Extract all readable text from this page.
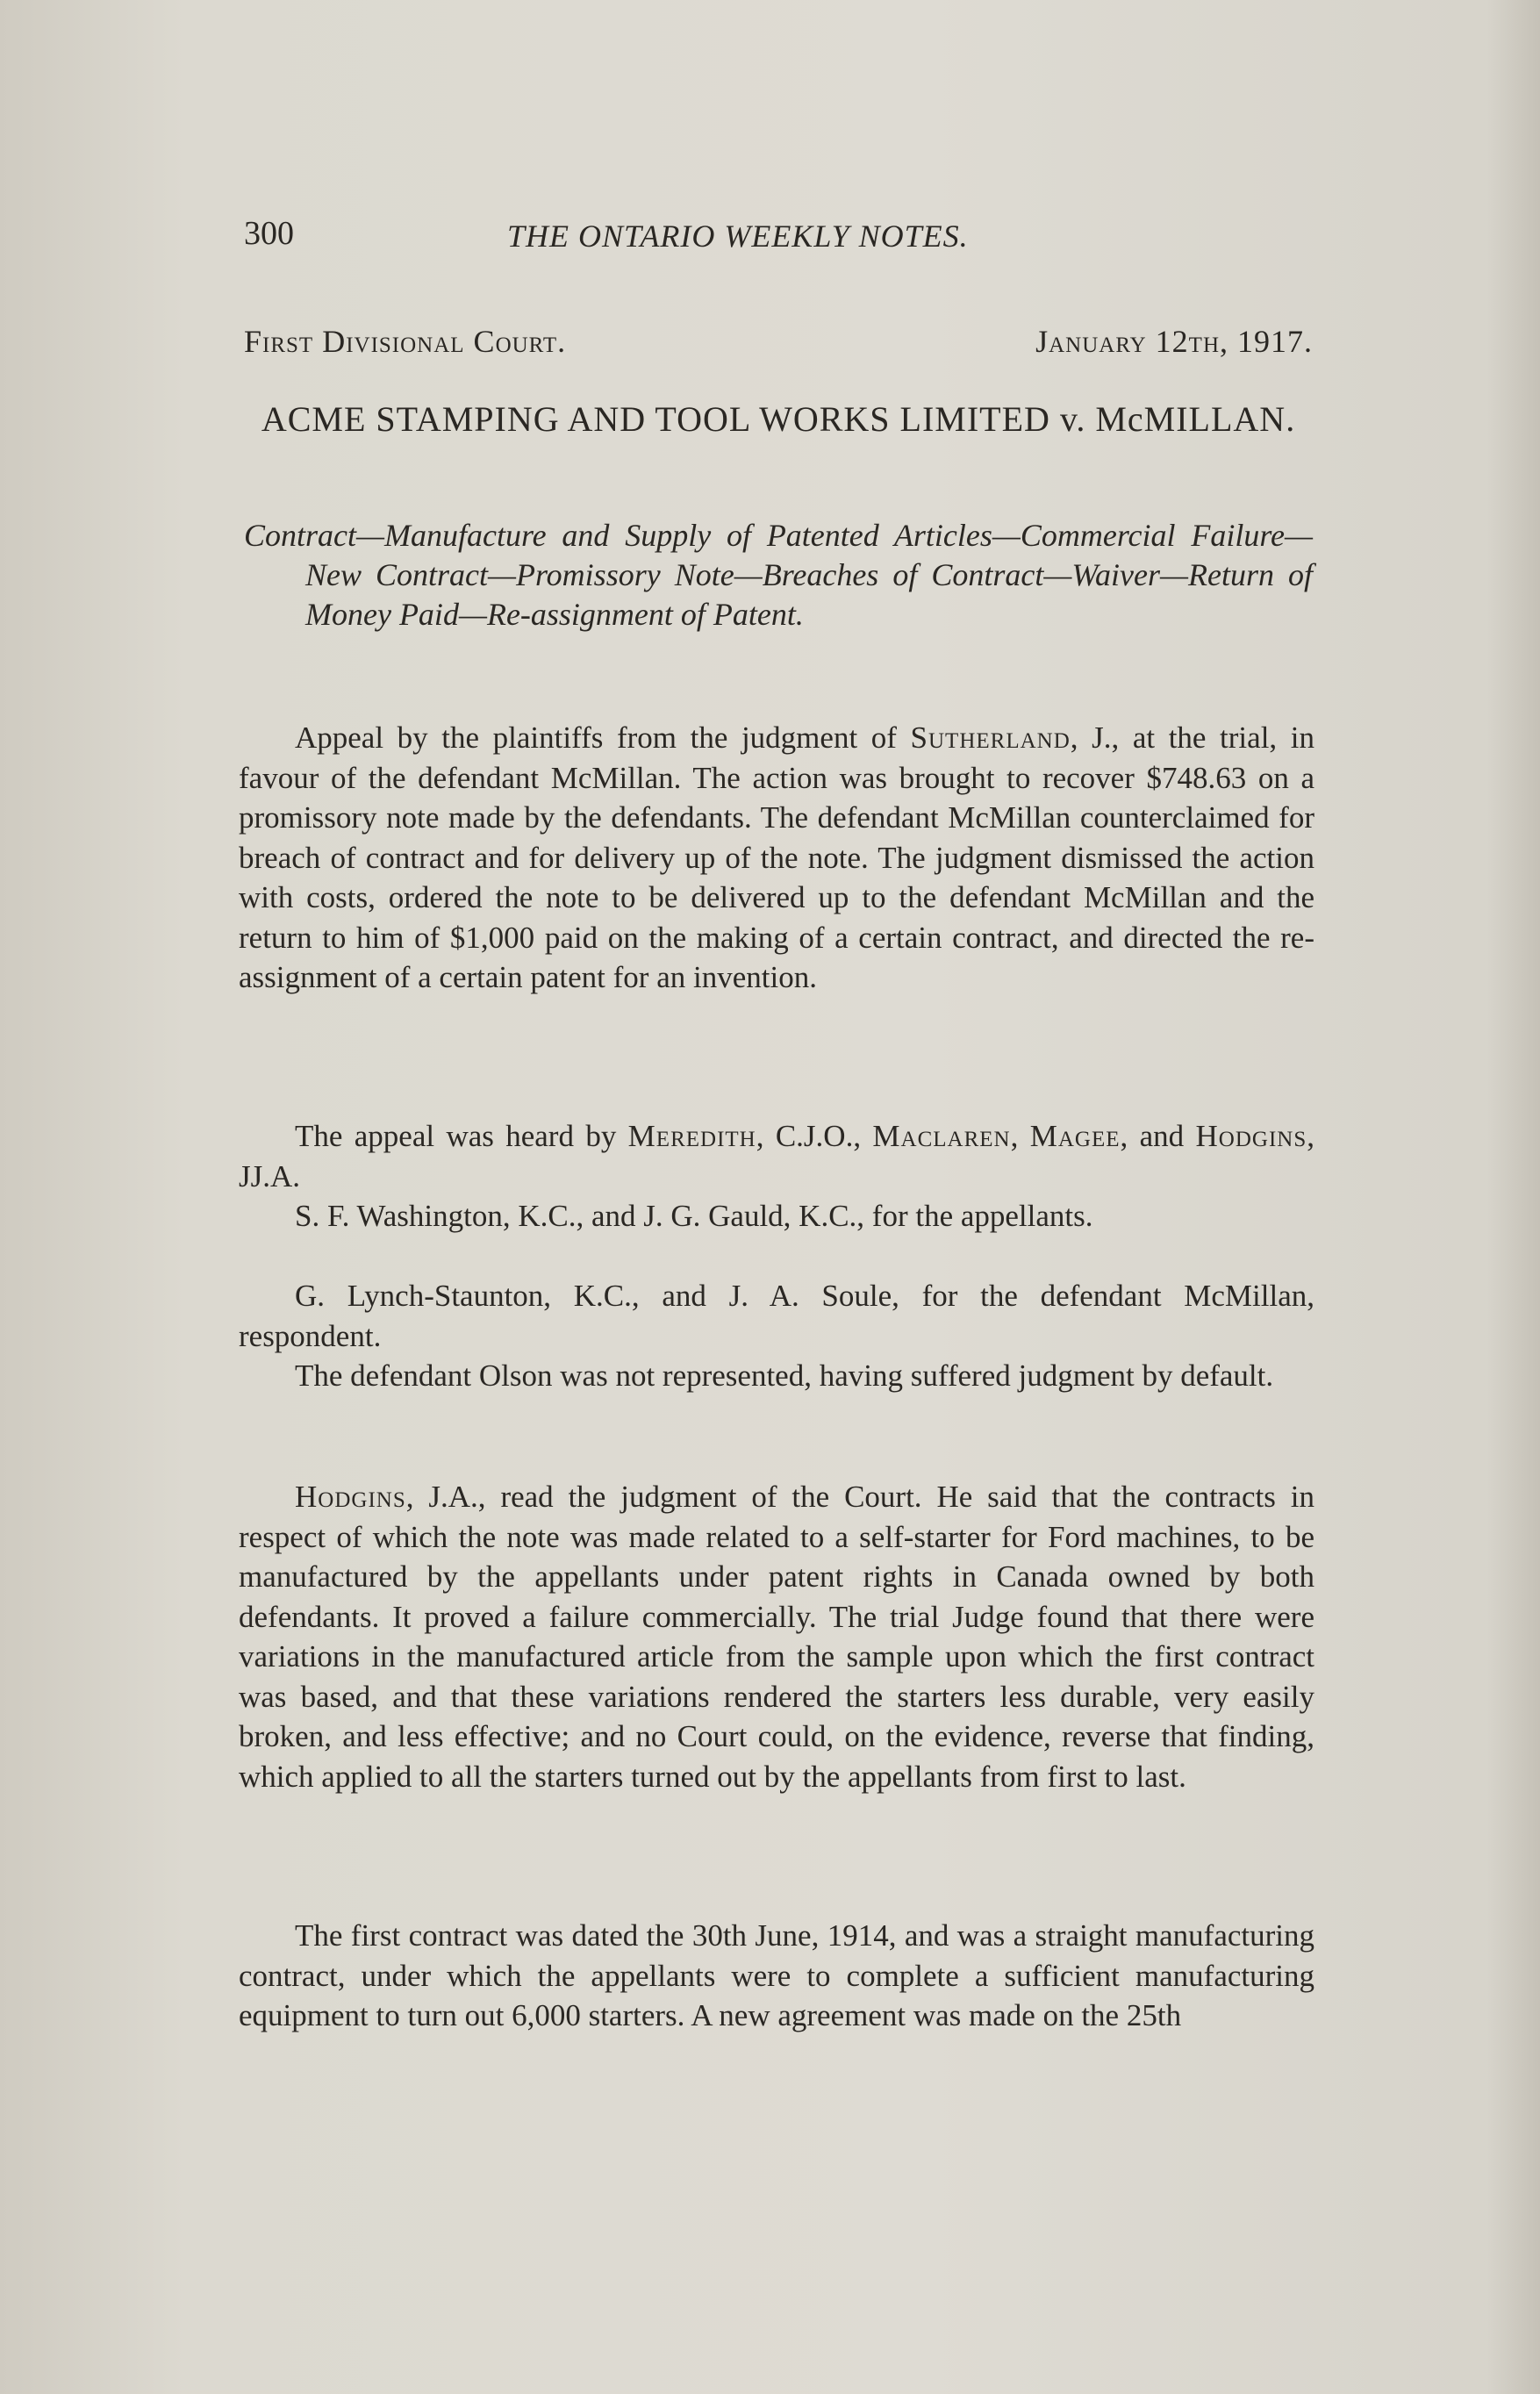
300	THE ONTARIO WEEKLY NOTES.
First Divisional Court.	January 12th, 1917.
ACME STAMPING AND TOOL WORKS LIMITED v. McMILLAN.
Contract—Manufacture and Supply of Patented Articles—Commercial Failure—New Contract—Promissory Note—Breaches of Contract—Waiver—Return of Money Paid—Re-assignment of Patent.

Appeal by the plaintiffs from the judgment of Sutherland, J., at the trial, in favour of the defendant McMillan. The action was brought to recover $748.63 on a promissory note made by the defendants. The defendant McMillan counterclaimed for breach of contract and for delivery up of the note. The judgment dismissed the action with costs, ordered the note to be delivered up to the defendant McMillan and the return to him of $1,000 paid on the making of a certain contract, and directed the re-assignment of a certain patent for an invention.

The appeal was heard by Meredith, C.J.O., Maclaren, Magee, and Hodgins, JJ.A.

S. F. Washington, K.C., and J. G. Gauld, K.C., for the appellants.

G. Lynch-Staunton, K.C., and J. A. Soule, for the defendant McMillan, respondent.

The defendant Olson was not represented, having suffered judgment by default.

Hodgins, J.A., read the judgment of the Court. He said that the contracts in respect of which the note was made related to a self-starter for Ford machines, to be manufactured by the appellants under patent rights in Canada owned by both defendants. It proved a failure commercially. The trial Judge found that there were variations in the manufactured article from the sample upon which the first contract was based, and that these variations rendered the starters less durable, very easily broken, and less effective; and no Court could, on the evidence, reverse that finding, which applied to all the starters turned out by the appellants from first to last.

The first contract was dated the 30th June, 1914, and was a straight manufacturing contract, under which the appellants were to complete a sufficient manufacturing equipment to turn out 6,000 starters. A new agreement was made on the 25th
